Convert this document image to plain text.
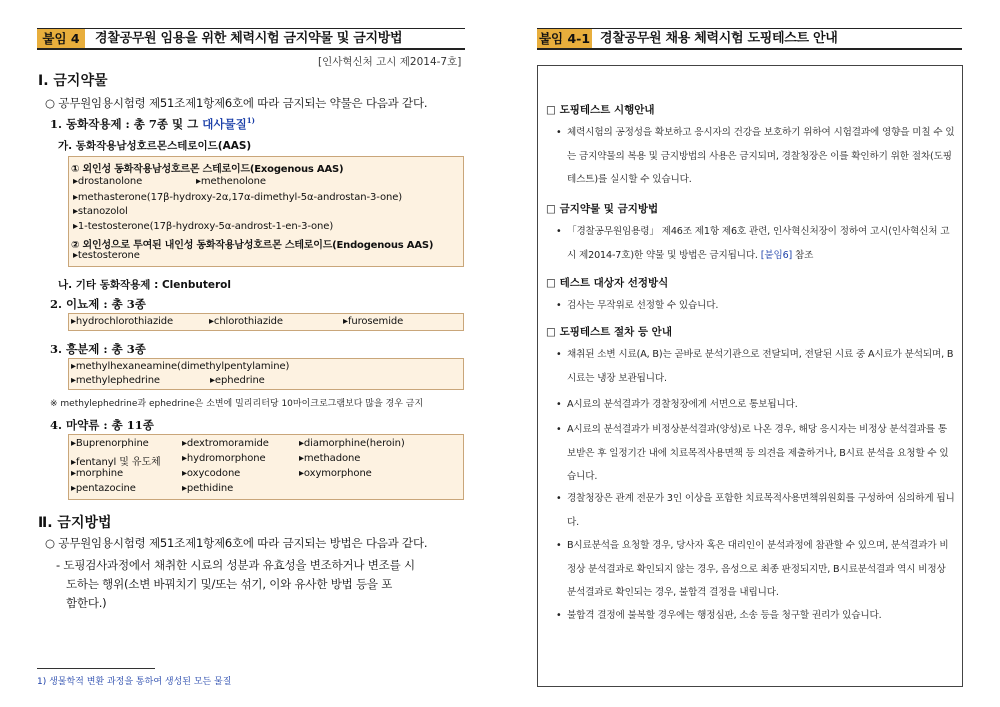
붙임 4	경찰공무원 임용을 위한 체력시험 금지약물 및 금지방법
[인사혁신처 고시 제2014-7호]
Ⅰ. 금지약물
○ 공무원임용시험령 제51조제1항제6호에 따라 금지되는 약물은 다음과 같다.
1. 동화작용제 : 총 7종 및 그 대사물질$^{1)}$
가. 동화작용남성호르몬스테로이드(AAS)
① 외인성 동화작용남성호르몬 스테로이드(Exogenous AAS)
▸drostanolone	▸methenolone
▸methasterone(17β-hydroxy-2α,17α-dimethyl-5α-androstan-3-one)
▸stanozolol
▸1-testosterone(17β-hydroxy-5α-androst-1-en-3-one)
② 외인성으로 투여된 내인성 동화작용남성호르몬 스테로이드(Endogenous AAS)
▸testosterone
나. 기타 동화작용제 : Clenbuterol
2. 이뇨제 : 총 3종
▸hydrochlorothiazide	▸chlorothiazide	▸furosemide
3. 흥분제 : 총 3종
▸methylhexaneamine(dimethylpentylamine)
▸methylephedrine	▸ephedrine
※ methylephedrine과 ephedrine은 소변에 밀리리터당 10마이크로그램보다 많을 경우 금지
4. 마약류 : 총 11종
▸Buprenorphine	▸dextromoramide	▸diamorphine(heroin)
▸fentanyl 및 유도체 ▸hydromorphone	▸methadone
▸morphine	▸oxycodone	▸oxymorphone
▸pentazocine	▸pethidine
Ⅱ. 금지방법
○ 공무원임용시험령 제51조제1항제6호에 따라 금지되는 방법은 다음과 같다.
- 도핑검사과정에서 채취한 시료의 성분과 유효성을 변조하거나 변조를 시
도하는 행위(소변 바꿔치기 및/또는 섞기, 이와 유사한 방법 등을 포
함한다.)
1) 생물학적 변환 과정을 통하여 생성된 모든 물질
붙임 4-1 경찰공무원 채용 체력시험 도핑테스트 안내
□ 도핑테스트 시행안내
• 체력시험의 공정성을 확보하고 응시자의 건강을 보호하기 위하여 시험결과에 영향을 미칠 수 있는 금지약물의 복용 및 금지방법의 사용은 금지되며, 경찰청장은 이를 확인하기 위한 절차(도핑테스트)를 실시할 수 있습니다.
□ 금지약물 및 금지방법
• 「경찰공무원임용령」 제46조 제1항 제6호 관련, 인사혁신처장이 정하여 고시(인사혁신처 고시 제2014-7호)한 약물 및 방법은 금지됩니다. [붙임6] 참조
□ 테스트 대상자 선정방식
• 검사는 무작위로 선정할 수 있습니다.
□ 도핑테스트 절차 등 안내
• 채취된 소변 시료(A, B)는 곧바로 분석기관으로 전달되며, 전달된 시료 중 A시료가 분석되며, B시료는 냉장 보관됩니다.
• A시료의 분석결과가 경찰청장에게 서면으로 통보됩니다.
• A시료의 분석결과가 비정상분석결과(양성)로 나온 경우, 해당 응시자는 비정상 분석결과를 통보받은 후 일정기간 내에 치료목적사용면책 등 의견을 제출하거나, B시료 분석을 요청할 수 있습니다.
• 경찰청장은 관계 전문가 3인 이상을 포함한 치료목적사용면책위원회를 구성하여 심의하게 됩니다.
• B시료분석을 요청할 경우, 당사자 혹은 대리인이 분석과정에 참관할 수 있으며, 분석결과가 비정상 분석결과로 확인되지 않는 경우, 음성으로 최종 판정되지만, B시료분석결과 역시 비정상 분석결과로 확인되는 경우, 불합격 결정을 내립니다.
• 불합격 결정에 불복할 경우에는 행정심판, 소송 등을 청구할 권리가 있습니다.
